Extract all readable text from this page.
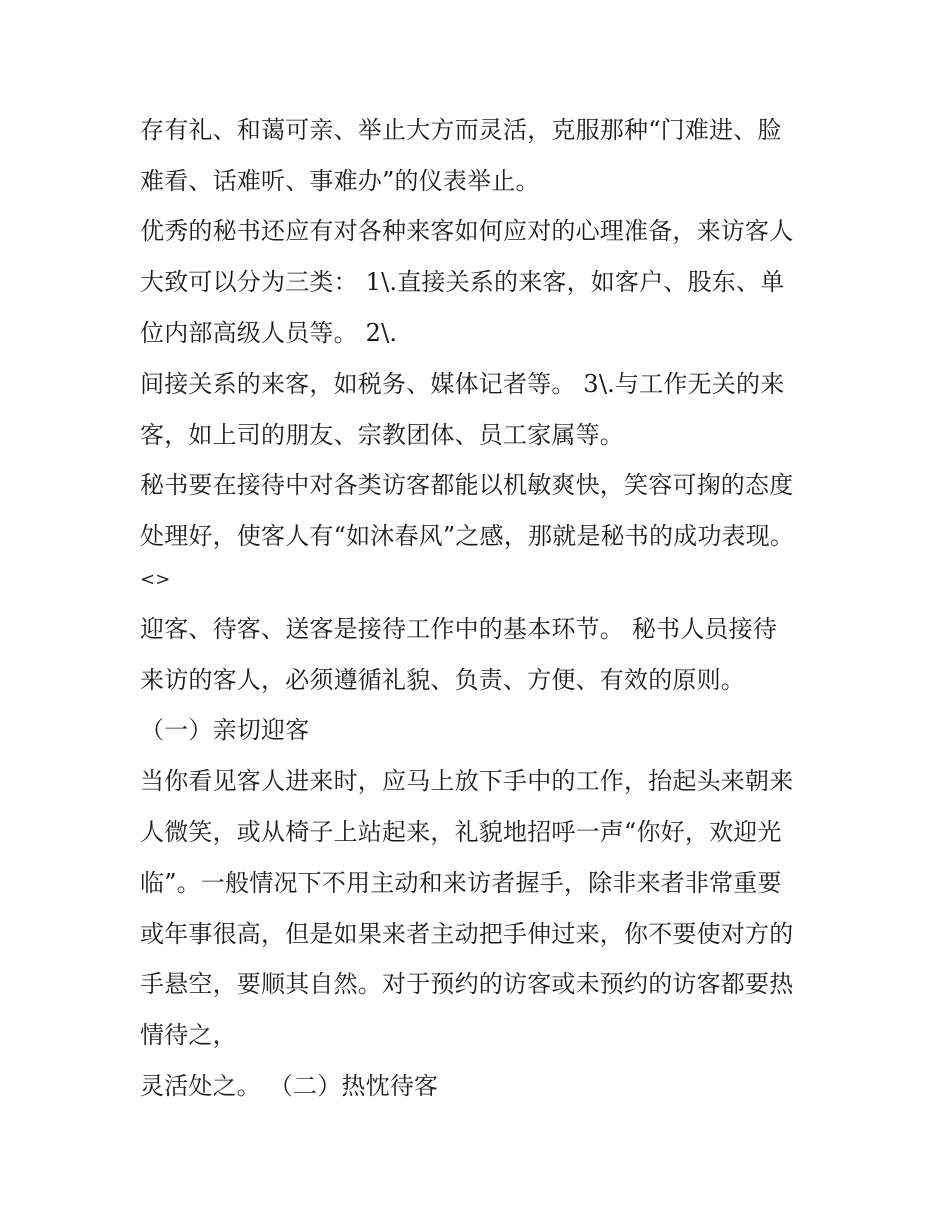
存有礼、和蔼可亲、举止大方而灵活，克服那种“门难进、脸
难看、话难听、事难办”的仪表举止。
优秀的秘书还应有对各种来客如何应对的心理准备，来访客人
大致可以分为三类： 1\.直接关系的来客，如客户、股东、单
位内部高级人员等。 2\.
间接关系的来客，如税务、媒体记者等。 3\.与工作无关的来
客，如上司的朋友、宗教团体、员工家属等。
秘书要在接待中对各类访客都能以机敏爽快，笑容可掬的态度
处理好，使客人有“如沐春风”之感，那就是秘书的成功表现。
<>
迎客、待客、送客是接待工作中的基本环节。 秘书人员接待
来访的客人，必须遵循礼貌、负责、方便、有效的原则。
（一）亲切迎客
当你看见客人进来时，应马上放下手中的工作，抬起头来朝来
人微笑，或从椅子上站起来，礼貌地招呼一声“你好，欢迎光
临”。一般情况下不用主动和来访者握手，除非来者非常重要
或年事很高，但是如果来者主动把手伸过来，你不要使对方的
手悬空，要顺其自然。对于预约的访客或未预约的访客都要热
情待之，
灵活处之。 （二）热忱待客
